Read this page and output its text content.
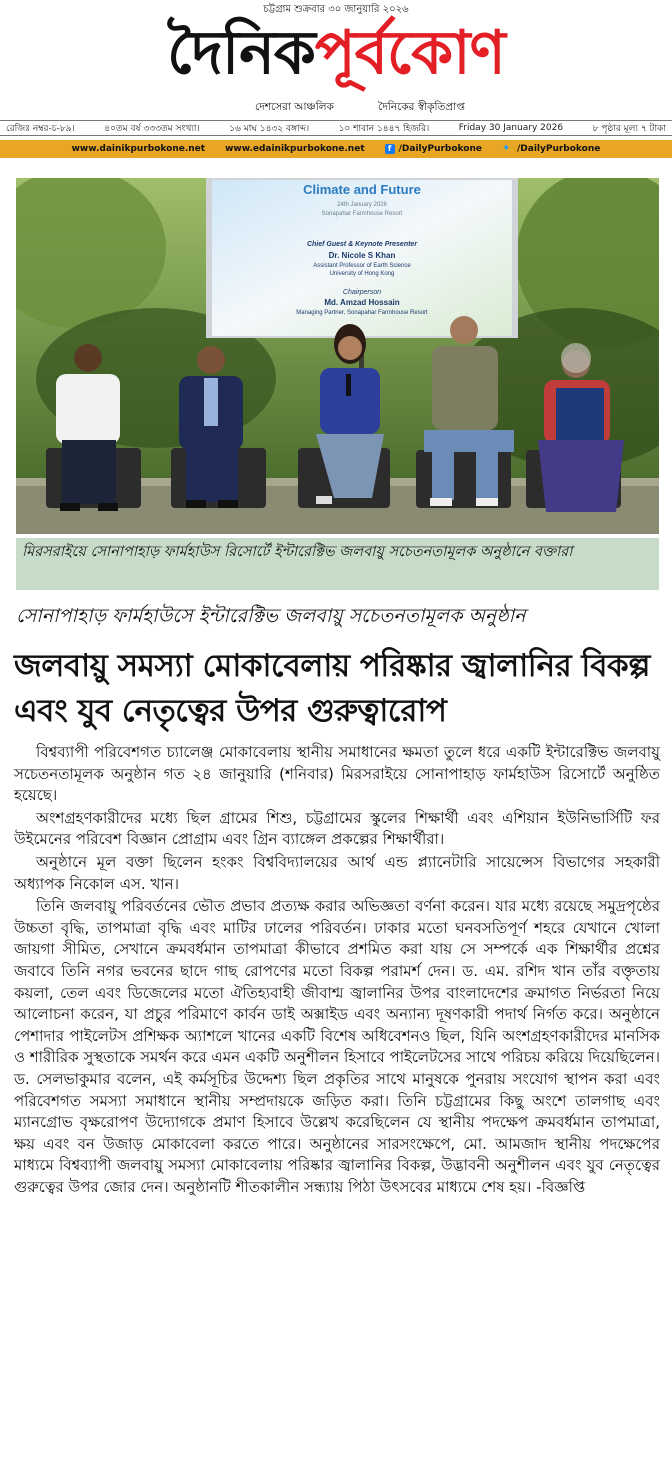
চট্টগ্রাম শুক্রবার ৩০ জানুয়ারি ২০২৬
দৈনিকপূর্বকোণ
দেশসেরা আঞ্চলিক	দৈনিকের স্বীকৃতিপ্রাপ্ত
রেজিঃ নম্বর-চ-৮৯।	৪০তম বর্ষ ৩৩৩তম সংখ্যা।	১৬ মাঘ ১৪৩২ বঙ্গাব্দ।	১০ শাবান ১৪৪৭ হিজরি।	Friday 30 January 2026	৮ পৃষ্ঠার মূল্য ৭ টাকা
www.dainikpurbokone.net www.edainikpurbokone.net	f /DailyPurbokone ✦ /DailyPurbokone
Climate and Future
24th January 2026
Sonapahar Farmhouse Resort
Chief Guest & Keynote Presenter
Dr. Nicole S Khan
Assistant Professor of Earth Science
University of Hong Kong
Chairperson
Md. Amzad Hossain
Managing Partner, Sonapahar Farmhouse Resort
মিরসরাইয়ে সোনাপাহাড় ফার্মহাউস রিসোর্টে ইন্টারেক্টিভ জলবায়ু সচেতনতামূলক অনুষ্ঠানে বক্তারা
সোনাপাহাড় ফার্মহাউসে ইন্টারেক্টিভ জলবায়ু সচেতনতামূলক অনুষ্ঠান
জলবায়ু সমস্যা মোকাবেলায় পরিষ্কার জ্বালানির বিকল্প এবং যুব নেতৃত্বের উপর গুরুত্বারোপ

বিশ্বব্যাপী পরিবেশগত চ্যালেঞ্জ মোকাবেলায় স্থানীয় সমাধানের ক্ষমতা তুলে ধরে একটি ইন্টারেক্টিভ জলবায়ু সচেতনতামূলক অনুষ্ঠান গত ২৪ জানুয়ারি (শনিবার) মিরসরাইয়ে সোনাপাহাড় ফার্মহাউস রিসোর্টে অনুষ্ঠিত হয়েছে।

অংশগ্রহণকারীদের মধ্যে ছিল গ্রামের শিশু, চট্টগ্রামের স্কুলের শিক্ষার্থী এবং এশিয়ান ইউনিভার্সিটি ফর উইমেনের পরিবেশ বিজ্ঞান প্রোগ্রাম এবং গ্রিন ব্যাঙ্গেল প্রকল্পের শিক্ষার্থীরা।

অনুষ্ঠানে মূল বক্তা ছিলেন হংকং বিশ্ববিদ্যালয়ের আর্থ এন্ড প্ল্যানেটারি সায়েন্সেস বিভাগের সহকারী অধ্যাপক নিকোল এস. খান।

তিনি জলবায়ু পরিবর্তনের ভৌত প্রভাব প্রত্যক্ষ করার অভিজ্ঞতা বর্ণনা করেন। যার মধ্যে রয়েছে সমুদ্রপৃষ্ঠের উচ্চতা বৃদ্ধি, তাপমাত্রা বৃদ্ধি এবং মাটির ঢালের পরিবর্তন। ঢাকার মতো ঘনবসতিপূর্ণ শহরে যেখানে খোলা জায়গা সীমিত, সেখানে ক্রমবর্ধমান তাপমাত্রা কীভাবে প্রশমিত করা যায় সে সম্পর্কে এক শিক্ষার্থীর প্রশ্নের জবাবে তিনি নগর ভবনের ছাদে গাছ রোপণের মতো বিকল্প পরামর্শ দেন। ড. এম. রশিদ খান তাঁর বক্তৃতায় কয়লা, তেল এবং ডিজেলের মতো ঐতিহ্যবাহী জীবাশ্ম জ্বালানির উপর বাংলাদেশের ক্রমাগত নির্ভরতা নিয়ে আলোচনা করেন, যা প্রচুর পরিমাণে কার্বন ডাই অক্সাইড এবং অন্যান্য দূষণকারী পদার্থ নির্গত করে। অনুষ্ঠানে পেশাদার পাইলেটস প্রশিক্ষক অ্যাশলে খানের একটি বিশেষ অধিবেশনও ছিল, যিনি অংশগ্রহণকারীদের মানসিক ও শারীরিক সুস্থতাকে সমর্থন করে এমন একটি অনুশীলন হিসাবে পাইলেটসের সাথে পরিচয় করিয়ে দিয়েছিলেন। ড. সেলভাকুমার বলেন, এই কর্মসূচির উদ্দেশ্য ছিল প্রকৃতির সাথে মানুষকে পুনরায় সংযোগ স্থাপন করা এবং পরিবেশগত সমস্যা সমাধানে স্থানীয় সম্প্রদায়কে জড়িত করা। তিনি চট্টগ্রামের কিছু অংশে তালগাছ এবং ম্যানগ্রোভ বৃক্ষরোপণ উদ্যোগকে প্রমাণ হিসাবে উল্লেখ করেছিলেন যে স্থানীয় পদক্ষেপ ক্রমবর্ধমান তাপমাত্রা, ক্ষয় এবং বন উজাড় মোকাবেলা করতে পারে। অনুষ্ঠানের সারসংক্ষেপে, মো. আমজাদ স্থানীয় পদক্ষেপের মাধ্যমে বিশ্বব্যাপী জলবায়ু সমস্যা মোকাবেলায় পরিষ্কার জ্বালানির বিকল্প, উদ্ভাবনী অনুশীলন এবং যুব নেতৃত্বের গুরুত্বের উপর জোর দেন। অনুষ্ঠানটি শীতকালীন সন্ধ্যায় পিঠা উৎসবের মাধ্যমে শেষ হয়। -বিজ্ঞপ্তি
